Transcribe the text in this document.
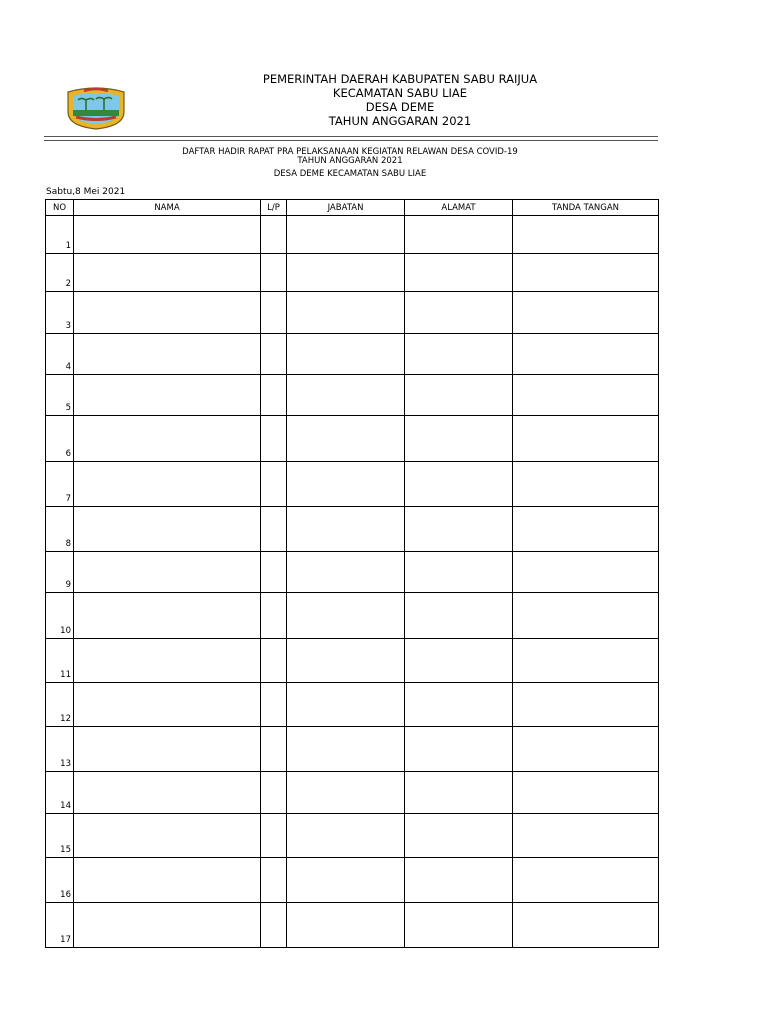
PEMERINTAH DAERAH KABUPATEN SABU RAIJUA
KECAMATAN SABU LIAE
DESA DEME
TAHUN ANGGARAN 2021
DAFTAR HADIR RAPAT PRA PELAKSANAAN KEGIATAN RELAWAN DESA COVID-19
TAHUN ANGGARAN 2021
DESA DEME KECAMATAN SABU LIAE
Sabtu,8 Mei 2021
NO	NAMA	L/P	JABATAN	ALAMAT	TANDA TANGAN
1					
2					
3					
4					
5					
6					
7					
8					
9					
10					
11					
12					
13					
14					
15					
16					
17					
